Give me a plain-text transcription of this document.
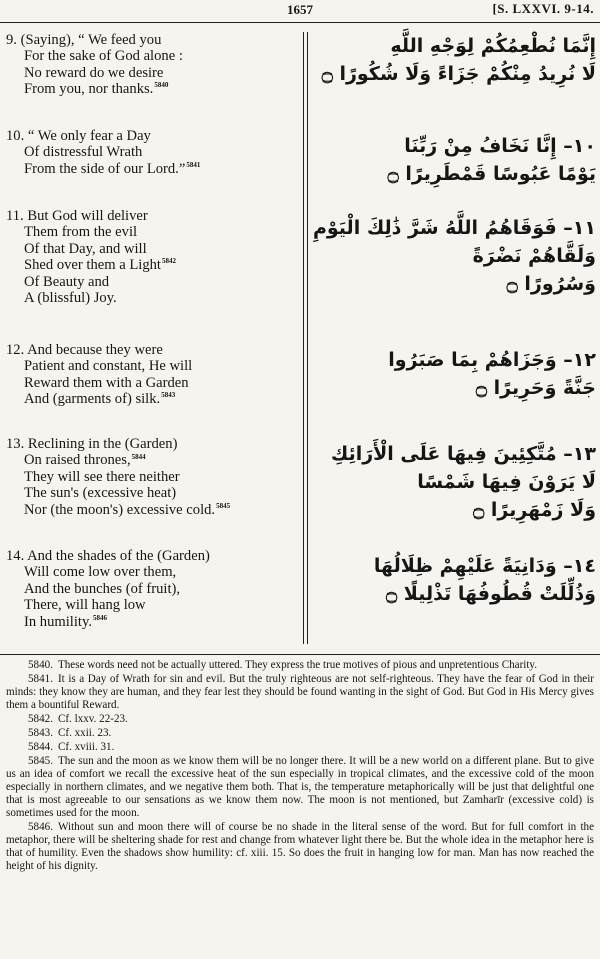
1657	[S. LXXVI. 9-14.
9. (Saying), “ We feed you
For the sake of God alone :
No reward do we desire
From you, nor thanks.$^{5840}$
إِنَّمَا نُطْعِمُكُمْ لِوَجْهِ اللَّهِ
لَا نُرِيدُ مِنْكُمْ جَزَاءً وَلَا شُكُورًا ۝
10. “ We only fear a Day
Of distressful Wrath
From the side of our Lord.”$^{5841}$
١٠– إِنَّا نَخَافُ مِنْ رَبِّنَا
يَوْمًا عَبُوسًا قَمْطَرِيرًا ۝
11. But God will deliver
Them from the evil
Of that Day, and will
Shed over them a Light$^{5842}$
Of Beauty and
A (blissful) Joy.
١١– فَوَقَاهُمُ اللَّهُ شَرَّ ذَٰلِكَ الْيَوْمِ
وَلَقَّاهُمْ نَضْرَةً
وَسُرُورًا ۝
12. And because they were
Patient and constant, He will
Reward them with a Garden
And (garments of) silk.$^{5843}$
١٢– وَجَزَاهُمْ بِمَا صَبَرُوا
جَنَّةً وَحَرِيرًا ۝
13. Reclining in the (Garden)
On raised thrones,$^{5844}$
They will see there neither
The sun's (excessive heat)
Nor (the moon's) excessive cold.$^{5845}$
١٣– مُتَّكِئِينَ فِيهَا عَلَى الْأَرَائِكِ
لَا يَرَوْنَ فِيهَا شَمْسًا
وَلَا زَمْهَرِيرًا ۝
14. And the shades of the (Garden)
Will come low over them,
And the bunches (of fruit),
There, will hang low
In humility.$^{5846}$
١٤– وَدَانِيَةً عَلَيْهِمْ ظِلَالُهَا
وَذُلِّلَتْ قُطُوفُهَا تَذْلِيلًا ۝

5840. These words need not be actually uttered. They express the true motives of pious and unpretentious Charity.

5841. It is a Day of Wrath for sin and evil. But the truly righteous are not self-righteous. They have the fear of God in their minds: they know they are human, and they fear lest they should be found wanting in the sight of God. But God in His Mercy gives them a bountiful Reward.

5842. Cf. lxxv. 22-23.

5843. Cf. xxii. 23.

5844. Cf. xviii. 31.

5845. The sun and the moon as we know them will be no longer there. It will be a new world on a different plane. But to give us an idea of comfort we recall the excessive heat of the sun especially in tropical climates, and the excessive cold of the moon especially in northern climates, and we negative them both. That is, the temperature metaphorically will be just that delightful one that is most agreeable to our sensations as we know them now. The moon is not mentioned, but Zamharīr (excessive cold) is sometimes used for the moon.

5846. Without sun and moon there will of course be no shade in the literal sense of the word. But for full comfort in the metaphor, there will be sheltering shade for rest and change from whatever light there be. But the whole idea in the metaphor here is that of humility. Even the shadows show humility: cf. xiii. 15. So does the fruit in hanging low for man. Man has now reached the height of his dignity.
